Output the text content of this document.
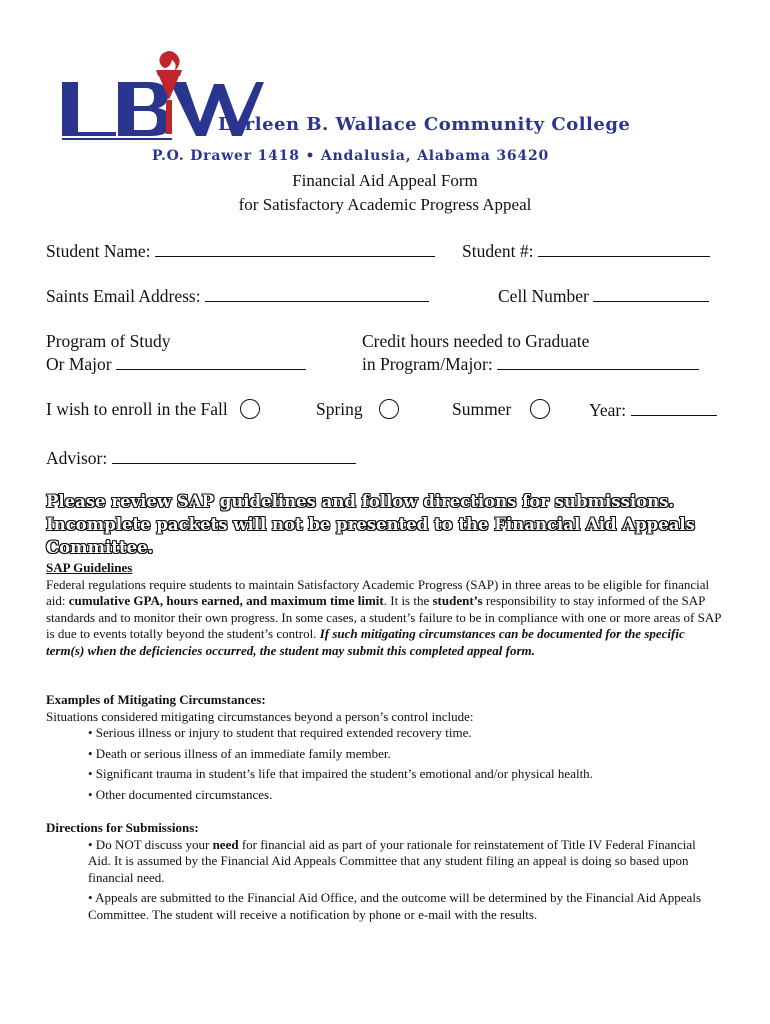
Lurleen B. Wallace Community College
P.O. Drawer 1418 • Andalusia, Alabama 36420
Financial Aid Appeal Form
for Satisfactory Academic Progress Appeal
Student Name:	Student #:
Saints Email Address:	Cell Number
Program of Study
Or Major
Credit hours needed to Graduate
in Program/Major:
I wish to enroll in the Fall	Spring	Summer	Year:
Advisor:
Please review SAP guidelines and follow directions for submissions. Incomplete packets will not be presented to the Financial Aid Appeals Committee.
SAP Guidelines
Federal regulations require students to maintain Satisfactory Academic Progress (SAP) in three areas to be eligible for financial aid: cumulative GPA, hours earned, and maximum time limit. It is the student’s responsibility to stay informed of the SAP standards and to monitor their own progress. In some cases, a student’s failure to be in compliance with one or more areas of SAP is due to events totally beyond the student’s control. If such mitigating circumstances can be documented for the specific term(s) when the deficiencies occurred, the student may submit this completed appeal form.
Examples of Mitigating Circumstances:
Situations considered mitigating circumstances beyond a person’s control include:
• Serious illness or injury to student that required extended recovery time.
• Death or serious illness of an immediate family member.
• Significant trauma in student’s life that impaired the student’s emotional and/or physical health.
• Other documented circumstances.
Directions for Submissions:
• Do NOT discuss your need for financial aid as part of your rationale for reinstatement of Title IV Federal Financial Aid. It is assumed by the Financial Aid Appeals Committee that any student filing an appeal is doing so based upon financial need.
• Appeals are submitted to the Financial Aid Office, and the outcome will be determined by the Financial Aid Appeals Committee. The student will receive a notification by phone or e-mail with the results.
